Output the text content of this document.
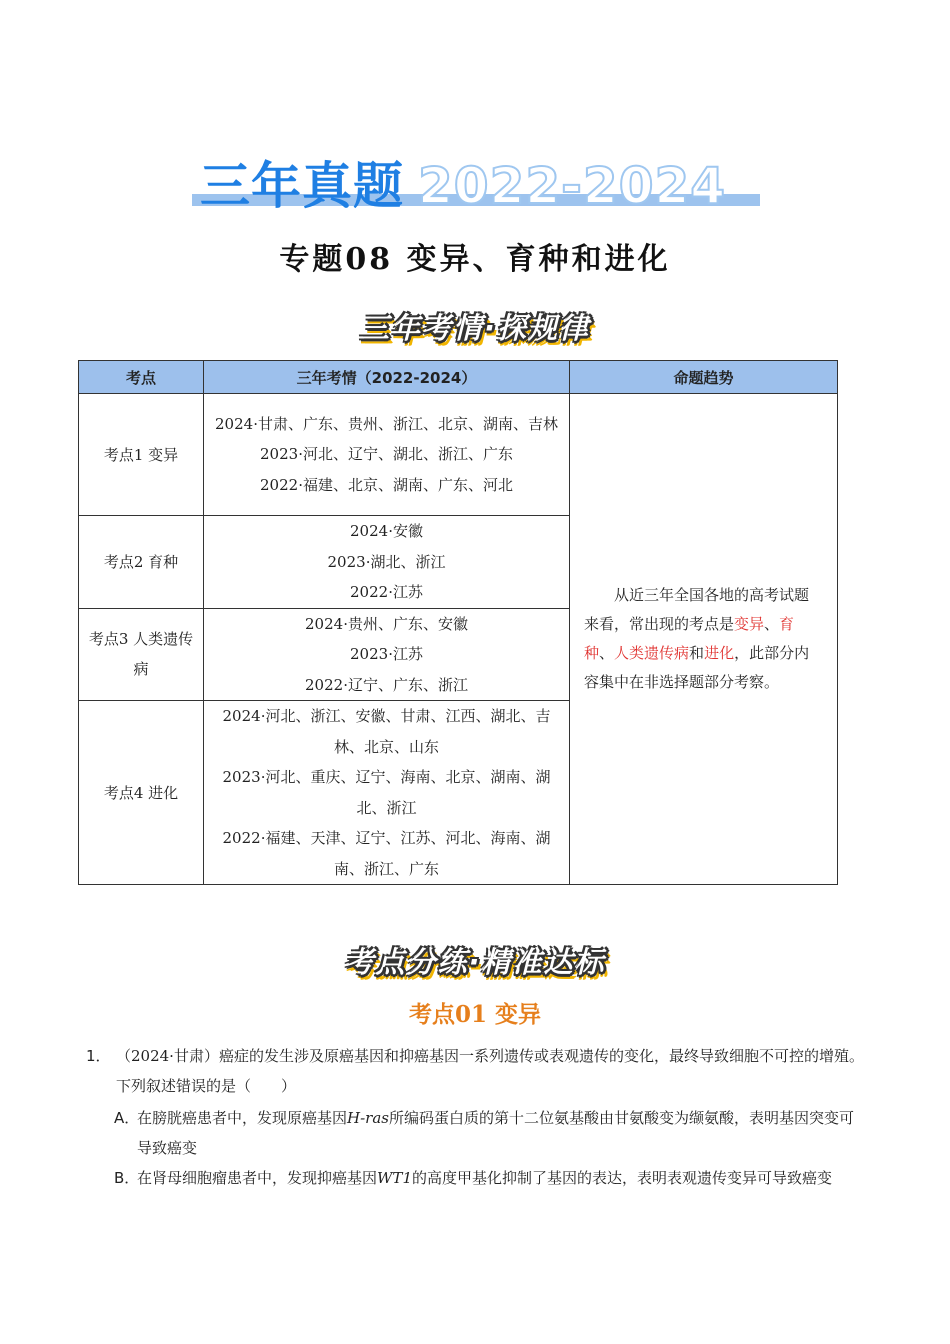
三年真题 2022-2024
专题08 变异、育种和进化
三年考情·探规律
考点	三年考情（2022-2024）	命题趋势
考点1 变异	2024·甘肃、广东、贵州、浙江、北京、湖南、吉林
2023·河北、辽宁、湖北、浙江、广东
2022·福建、北京、湖南、广东、河北	从近三年全国各地的高考试题来看，常出现的考点是变异、育种、人类遗传病和进化，此部分内容集中在非选择题部分考察。
考点2 育种	2024·安徽
2023·湖北、浙江
2022·江苏	

考点3 人类遗传病	2024·贵州、广东、安徽
2023·江苏
2022·辽宁、广东、浙江	

考点4 进化	2024·河北、浙江、安徽、甘肃、江西、湖北、吉林、北京、山东
2023·河北、重庆、辽宁、海南、北京、湖南、湖北、浙江
2022·福建、天津、辽宁、江苏、河北、海南、湖南、浙江、广东	
考点分练·精准达标
考点01 变异
1． （2024·甘肃）癌症的发生涉及原癌基因和抑癌基因一系列遗传或表观遗传的变化，最终导致细胞不可控的增殖。下列叙述错误的是（　　）
A．
在膀胱癌患者中，发现原癌基因H-ras所编码蛋白质的第十二位氨基酸由甘氨酸变为缬氨酸，表明基因突变可导致癌变
B．
在肾母细胞瘤患者中，发现抑癌基因WT1的高度甲基化抑制了基因的表达，表明表观遗传变异可导致癌变
